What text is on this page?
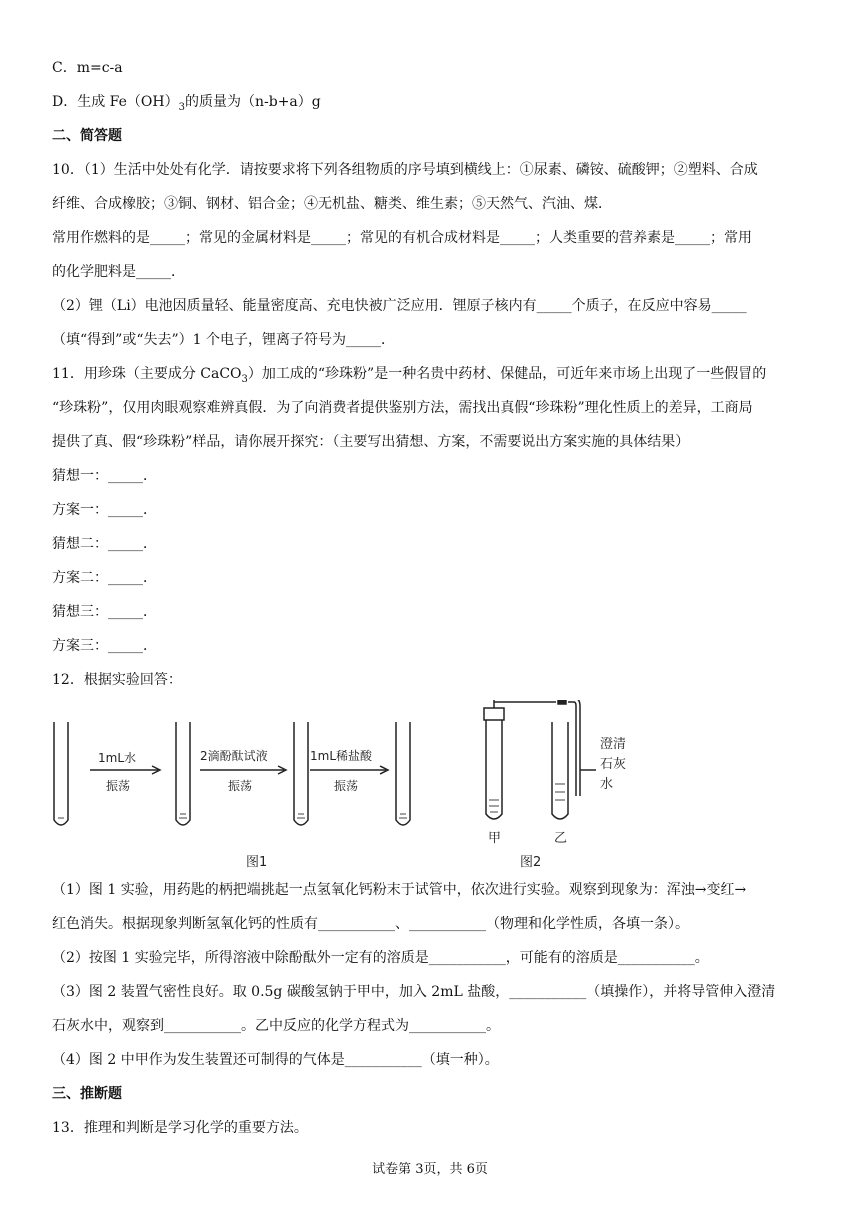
C．m=c-a
D．生成 $Fe(OH)_3$的质量为（n-b+a）g
二、简答题
10．（1）生活中处处有化学．请按要求将下列各组物质的序号填到横线上：①尿素、磷铵、硫酸钾；②塑料、合成
纤维、合成橡胶；③铜、钢材、铝合金；④无机盐、糖类、维生素；⑤天然气、汽油、煤．
常用作燃料的是_____；常见的金属材料是_____；常见的有机合成材料是_____；人类重要的营养素是_____；常用
的化学肥料是_____．
（2）锂（Li）电池因质量轻、能量密度高、充电快被广泛应用．锂原子核内有_____个质子，在反应中容易_____
（填“得到”或“失去”）1 个电子，锂离子符号为_____．
11．用珍珠（主要成分 CaCO$_3$）加工成的“珍珠粉”是一种名贵中药材、保健品，可近年来市场上出现了一些假冒的
“珍珠粉”，仅用肉眼观察难辨真假．为了向消费者提供鉴别方法，需找出真假“珍珠粉”理化性质上的差异，工商局
提供了真、假“珍珠粉”样品，请你展开探究：（主要写出猜想、方案，不需要说出方案实施的具体结果）
猜想一：_____．
方案一：_____．
猜想二：_____．
方案二：_____．
猜想三：_____．
方案三：_____．
12．根据实验回答：
1mL水
振荡
2滴酚酞试液
振荡
1mL稀盐酸
振荡
澄清
石灰
水
甲	乙
图1	图2
（1）图 1 实验，用药匙的柄把端挑起一点氢氧化钙粉末于试管中，依次进行实验。观察到现象为：浑浊→变红→
红色消失。根据现象判断氢氧化钙的性质有___________、___________（物理和化学性质，各填一条）。
（2）按图 1 实验完毕，所得溶液中除酚酞外一定有的溶质是___________，可能有的溶质是___________。
（3）图 2 装置气密性良好。取 0.5g 碳酸氢钠于甲中，加入 2mL 盐酸，___________（填操作），并将导管伸入澄清
石灰水中，观察到___________。乙中反应的化学方程式为___________。
（4）图 2 中甲作为发生装置还可制得的气体是___________（填一种）。
三、推断题
13．推理和判断是学习化学的重要方法。
试卷第 3页，共 6页
